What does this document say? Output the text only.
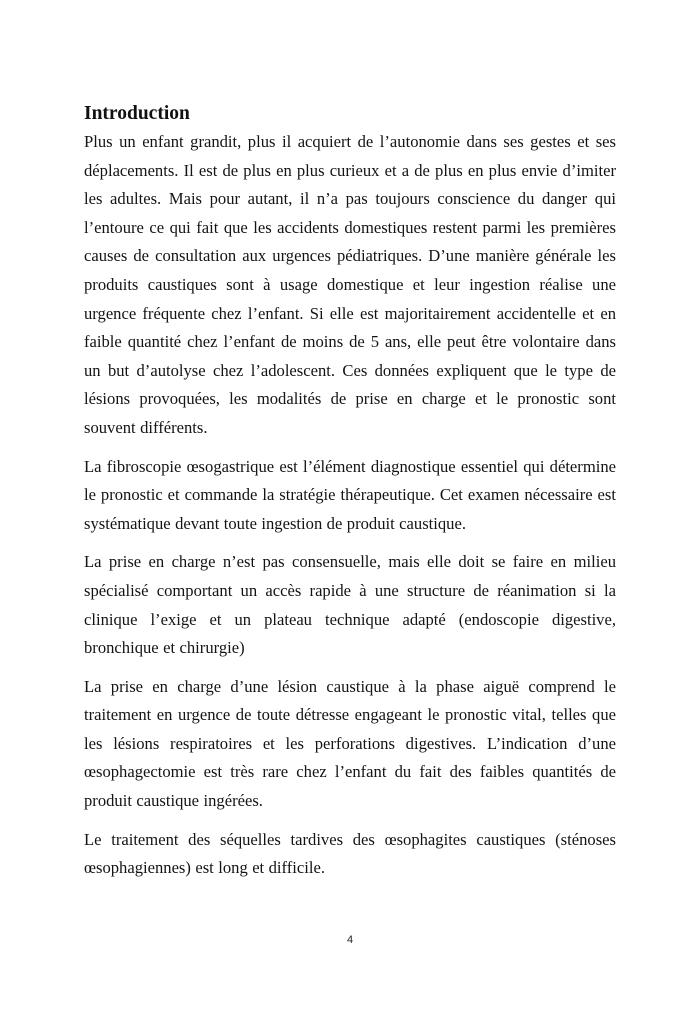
Introduction

Plus un enfant grandit, plus il acquiert de l’autonomie dans ses gestes et ses déplacements. Il est de plus en plus curieux et a de plus en plus envie d’imiter les adultes. Mais pour autant, il n’a pas toujours conscience du danger qui l’entoure ce qui fait que les accidents domestiques restent parmi les premières causes de consultation aux urgences pédiatriques. D’une manière générale les produits caustiques sont à usage domestique et leur ingestion réalise une urgence fréquente chez l’enfant. Si elle est majoritairement accidentelle et en faible quantité chez l’enfant de moins de 5 ans, elle peut être volontaire dans un but d’autolyse chez l’adolescent. Ces données expliquent que le type de lésions provoquées, les modalités de prise en charge et le pronostic sont souvent différents.

La fibroscopie œsogastrique est l’élément diagnostique essentiel qui détermine le pronostic et commande la stratégie thérapeutique. Cet examen nécessaire est systématique devant toute ingestion de produit caustique.

La prise en charge n’est pas consensuelle, mais elle doit se faire en milieu spécialisé comportant un accès rapide à une structure de réanimation si la clinique l’exige et un plateau technique adapté (endoscopie digestive, bronchique et chirurgie)

La prise en charge d’une lésion caustique à la phase aiguë comprend le traitement en urgence de toute détresse engageant le pronostic vital, telles que les lésions respiratoires et les perforations digestives. L’indication d’une œsophagectomie est très rare chez l’enfant du fait des faibles quantités de produit caustique ingérées.

Le traitement des séquelles tardives des œsophagites caustiques (sténoses œsophagiennes) est long et difficile.

4
